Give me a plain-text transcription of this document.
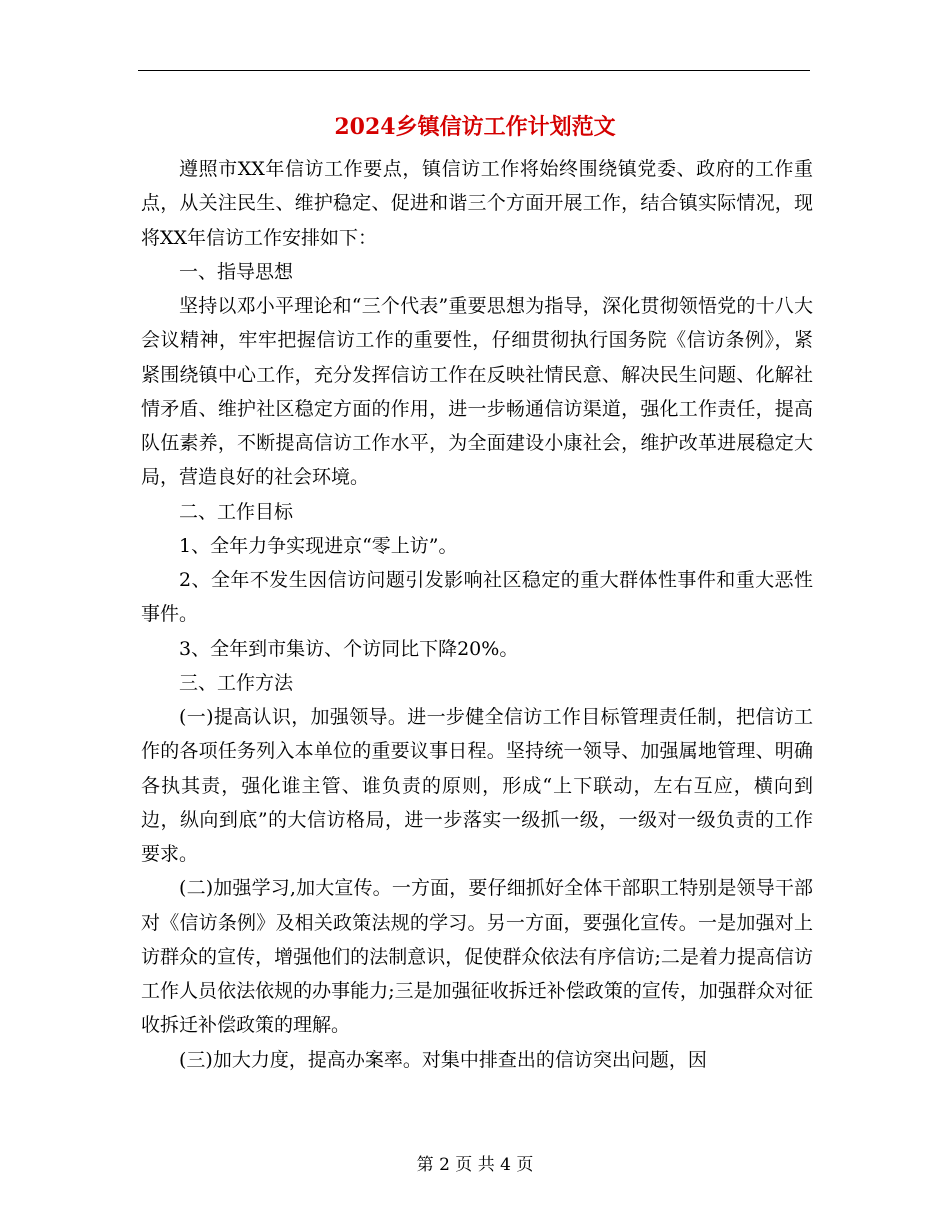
2024乡镇信访工作计划范文

遵照市XX年信访工作要点，镇信访工作将始终围绕镇党委、政府的工作重点，从关注民生、维护稳定、促进和谐三个方面开展工作，结合镇实际情况，现将XX年信访工作安排如下：

一、指导思想

坚持以邓小平理论和“三个代表”重要思想为指导，深化贯彻领悟党的十八大会议精神，牢牢把握信访工作的重要性，仔细贯彻执行国务院《信访条例》，紧紧围绕镇中心工作，充分发挥信访工作在反映社情民意、解决民生问题、化解社情矛盾、维护社区稳定方面的作用，进一步畅通信访渠道，强化工作责任，提高队伍素养，不断提高信访工作水平，为全面建设小康社会，维护改革进展稳定大局，营造良好的社会环境。

二、工作目标

1、全年力争实现进京“零上访”。

2、全年不发生因信访问题引发影响社区稳定的重大群体性事件和重大恶性事件。

3、全年到市集访、个访同比下降20%。

三、工作方法

(一)提高认识，加强领导。进一步健全信访工作目标管理责任制，把信访工作的各项任务列入本单位的重要议事日程。坚持统一领导、加强属地管理、明确各执其责，强化谁主管、谁负责的原则，形成“上下联动，左右互应，横向到边，纵向到底”的大信访格局，进一步落实一级抓一级，一级对一级负责的工作要求。

(二)加强学习,加大宣传。一方面，要仔细抓好全体干部职工特别是领导干部对《信访条例》及相关政策法规的学习。另一方面，要强化宣传。一是加强对上访群众的宣传，增强他们的法制意识，促使群众依法有序信访;二是着力提高信访工作人员依法依规的办事能力;三是加强征收拆迁补偿政策的宣传，加强群众对征收拆迁补偿政策的理解。

(三)加大力度，提高办案率。对集中排查出的信访突出问题，因

第 2 页 共 4 页
